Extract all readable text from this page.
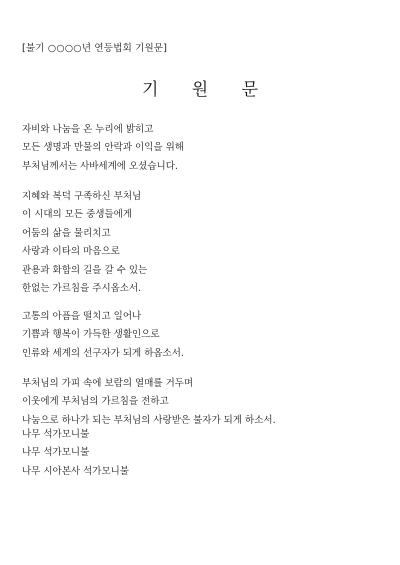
[불기 ○○○○년 연등법회 기원문]
기 원 문
자비와 나눔을 온 누리에 밝히고
모든 생명과 만물의 안락과 이익을 위해
부처님께서는 사바세계에 오셨습니다.
지혜와 복덕 구족하신 부처님
이 시대의 모든 중생들에게
어둠의 삶을 물리치고
사랑과 이타의 마음으로
관용과 화합의 길을 갈 수 있는
한없는 가르침을 주시옵소서.
고통의 아픔을 떨치고 일어나
기쁨과 행복이 가득한 생활인으로
인류와 세계의 선구자가 되게 하옵소서.
부처님의 가피 속에 보람의 열매를 거두며
이웃에게 부처님의 가르침을 전하고
나눔으로 하나가 되는 부처님의 사랑받은 불자가 되게 하소서.
나무 석가모니불
나무 석가모니불
나무 시아본사 석가모니불
